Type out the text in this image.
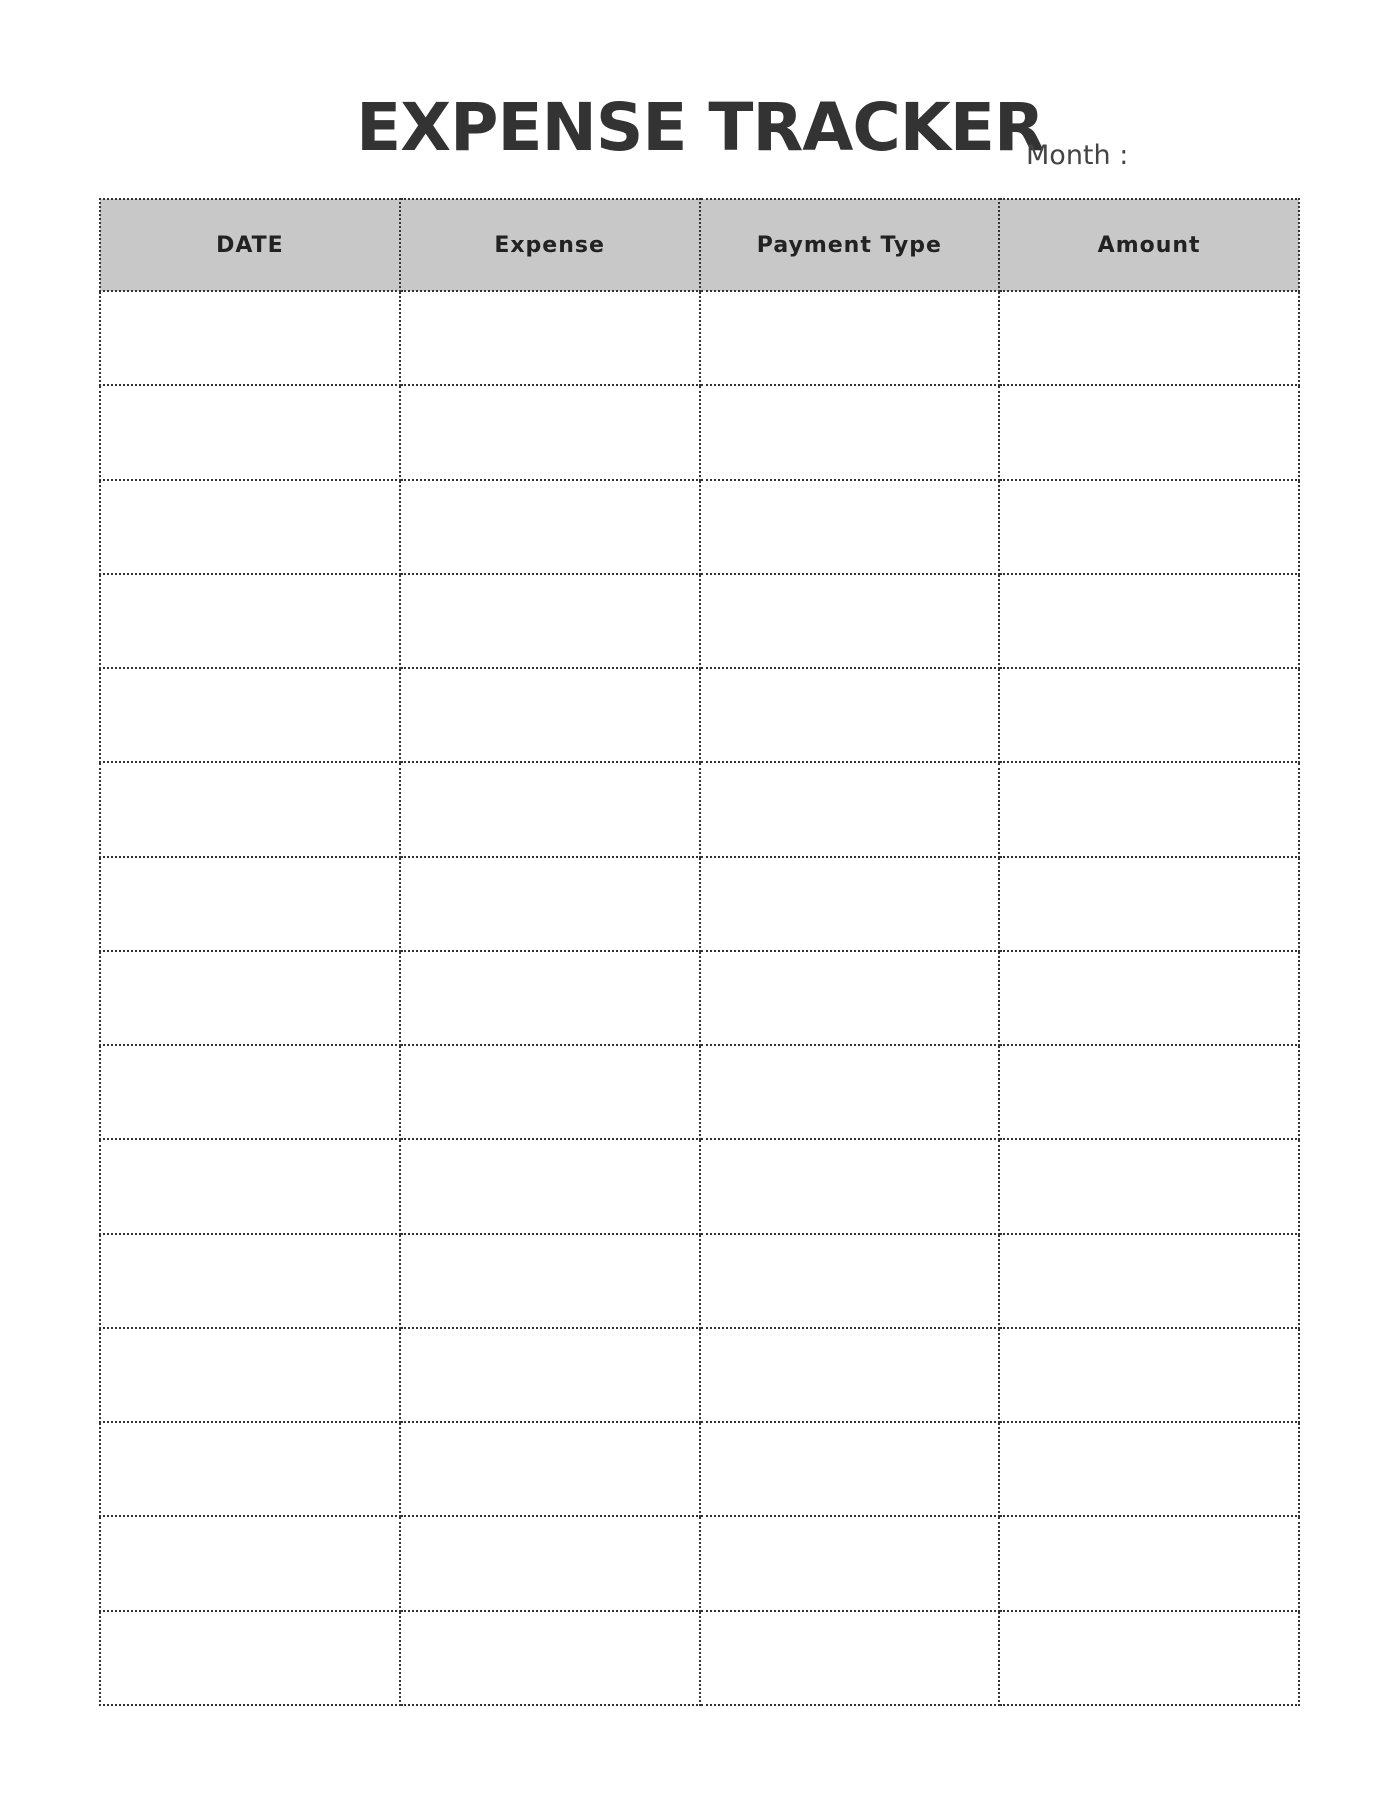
EXPENSE TRACKER
Month :
DATE	Expense	Payment Type	Amount
